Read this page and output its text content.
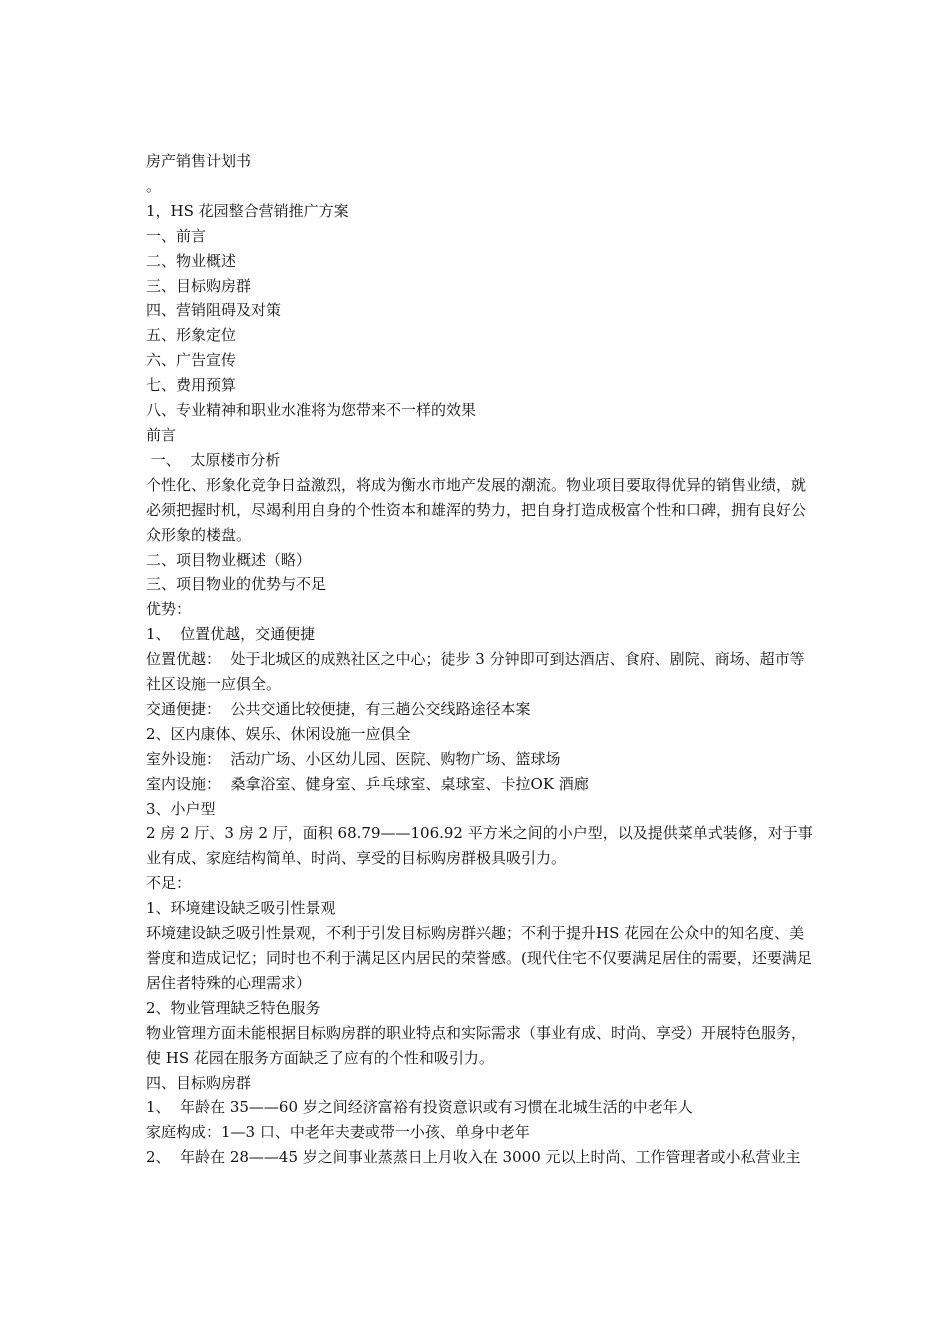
房产销售计划书

。

1，HS 花园整合营销推广方案

一、前言

二、物业概述

三、目标购房群

四、营销阻碍及对策

五、形象定位

六、广告宣传

七、费用预算

八、专业精神和职业水准将为您带来不一样的效果

前言

一、  太原楼市分析

个性化、形象化竞争日益激烈，将成为衡水市地产发展的潮流。物业项目要取得优异的销售业绩，就必须把握时机，尽竭利用自身的个性资本和雄浑的势力，把自身打造成极富个性和口碑，拥有良好公众形象的楼盘。

二、项目物业概述（略）

三、项目物业的优势与不足

优势：

1、  位置优越，交通便捷

位置优越：  处于北城区的成熟社区之中心；徒步 3 分钟即可到达酒店、食府、剧院、商场、超市等社区设施一应俱全。

交通便捷：  公共交通比较便捷，有三趟公交线路途径本案

2、区内康体、娱乐、休闲设施一应俱全

室外设施：  活动广场、小区幼儿园、医院、购物广场、篮球场

室内设施：  桑拿浴室、健身室、乒乓球室、桌球室、卡拉OK 酒廊

3、小户型

2 房 2 厅、3 房 2 厅，面积 68.79——106.92 平方米之间的小户型，以及提供菜单式装修，对于事业有成、家庭结构简单、时尚、享受的目标购房群极具吸引力。

不足：

1、环境建设缺乏吸引性景观

环境建设缺乏吸引性景观，不利于引发目标购房群兴趣；不利于提升HS 花园在公众中的知名度、美誉度和造成记忆；同时也不利于满足区内居民的荣誉感。(现代住宅不仅要满足居住的需要，还要满足居住者特殊的心理需求）

2、物业管理缺乏特色服务

物业管理方面未能根据目标购房群的职业特点和实际需求（事业有成、时尚、享受）开展特色服务，使 HS 花园在服务方面缺乏了应有的个性和吸引力。

四、目标购房群

1、  年龄在 35——60 岁之间经济富裕有投资意识或有习惯在北城生活的中老年人

家庭构成：1—3 口、中老年夫妻或带一小孩、单身中老年

2、  年龄在 28——45 岁之间事业蒸蒸日上月收入在 3000 元以上时尚、工作管理者或小私营业主
